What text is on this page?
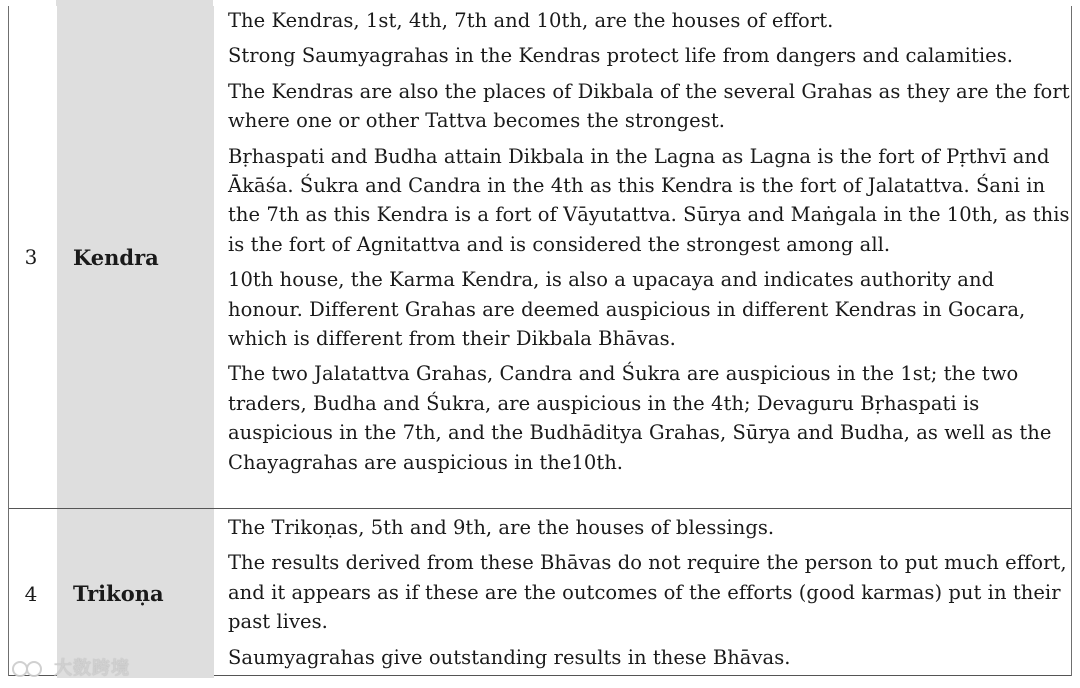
3	Kendra

The Kendras, 1st, 4th, 7th and 10th, are the houses of effort.

Strong Saumyagrahas in the Kendras protect life from dangers and calamities.

The Kendras are also the places of Dikbala of the several Grahas as they are the fort where one or other Tattva becomes the strongest.

Bṛhaspati and Budha attain Dikbala in the Lagna as Lagna is the fort of Pṛthvī and Ākāśa. Śukra and Candra in the 4th as this Kendra is the fort of Jalatattva. Śani in the 7th as this Kendra is a fort of Vāyutattva. Sūrya and Maṅgala in the 10th, as this is the fort of Agnitattva and is considered the strongest among all.

10th house, the Karma Kendra, is also a upacaya and indicates authority and honour. Different Grahas are deemed auspicious in different Kendras in Gocara, which is different from their Dikbala Bhāvas.

The two Jalatattva Grahas, Candra and Śukra are auspicious in the 1st; the two traders, Budha and Śukra, are auspicious in the 4th; Devaguru Bṛhaspati is auspicious in the 7th, and the Budhāditya Grahas, Sūrya and Budha, as well as the Chayagrahas are auspicious in the10th.

4	Trikoṇa

The Trikoṇas, 5th and 9th, are the houses of blessings.

The results derived from these Bhāvas do not require the person to put much effort, and it appears as if these are the outcomes of the efforts (good karmas) put in their past lives.

Saumyagrahas give outstanding results in these Bhāvas.

大数跨境
